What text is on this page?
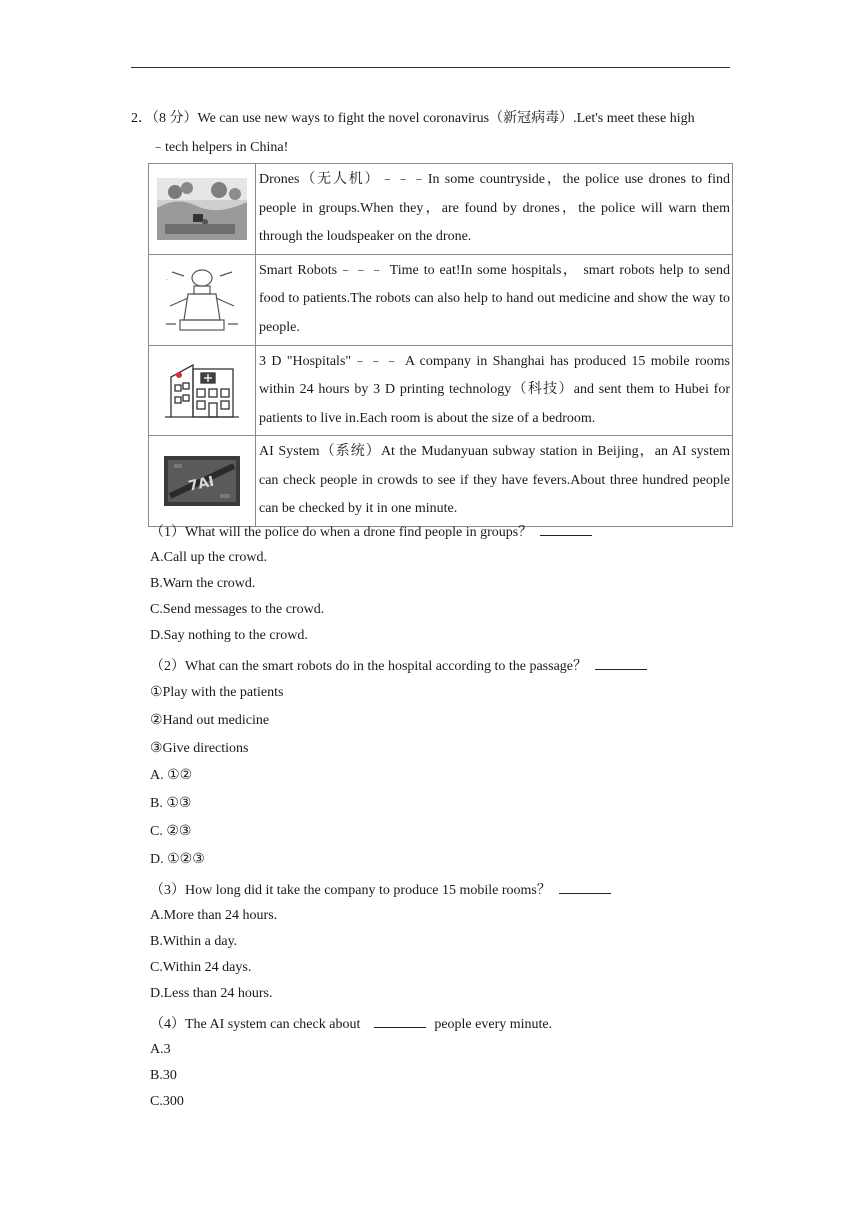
2．（8 分）We can use new ways to fight the novel coronavirus（新冠病毒）.Let's meet these high
﹣tech helpers in China!
	Drones（无人机）﹣﹣﹣In some countryside，the police use drones to find people in groups.When they，are found by drones，the police will warn them through the loudspeaker on the drone.

·	Smart Robots﹣﹣﹣ Time to eat!In some hospitals， smart robots help to send food to patients.The robots can also help to hand out medicine and show the way to people.

	3 D "Hospitals"﹣﹣﹣ A company in Shanghai has produced 15 mobile rooms within 24 hours by 3 D printing technology（科技）and sent them to Hubei for patients to live in.Each room is about the size of a bedroom.

7AI	AI System（系统）At the Mudanyuan subway station in Beijing，an AI system can check people in crowds to see if they have fevers.About three hundred people can be checked by it in one minute.
（1）What will the police do when a drone find people in groups？
A.Call up the crowd.
B.Warn the crowd.
C.Send messages to the crowd.
D.Say nothing to the crowd.
（2）What can the smart robots do in the hospital according to the passage？
①Play with the patients
②Hand out medicine
③Give directions
A. ①②
B. ①③
C. ②③
D. ①②③
（3）How long did it take the company to produce 15 mobile rooms？
A.More than 24 hours.
B.Within a day.
C.Within 24 days.
D.Less than 24 hours.
（4）The AI system can check about	people every minute.
A.3
B.30
C.300
